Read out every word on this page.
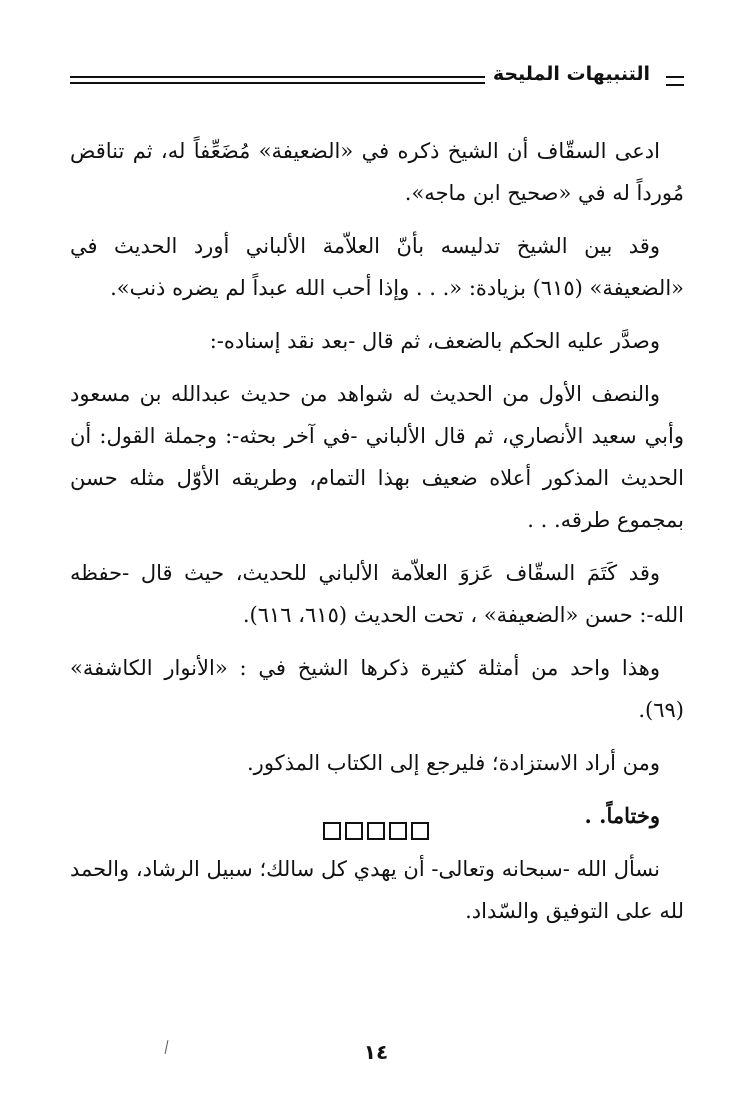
التنبيهات المليحة

ادعى السقّاف أن الشيخ ذكره في «الضعيفة» مُضَعِّفاً له، ثم تناقض مُورداً له في «صحيح ابن ماجه».

وقد بين الشيخ تدليسه بأنّ العلاّمة الألباني أورد الحديث في «الضعيفة» (٦١٥) بزيادة: «. . . وإذا أحب الله عبداً لم يضره ذنب».

وصدَّر عليه الحكم بالضعف، ثم قال -بعد نقد إسناده-:

والنصف الأول من الحديث له شواهد من حديث عبدالله بن مسعود وأبي سعيد الأنصاري، ثم قال الألباني -في آخر بحثه-: وجملة القول: أن الحديث المذكور أعلاه ضعيف بهذا التمام، وطريقه الأوّل مثله حسن بمجموع طرقه. . .

وقد كَتَمَ السقّاف عَزوَ العلاّمة الألباني للحديث، حيث قال -حفظه الله-: حسن «الضعيفة» ، تحت الحديث (٦١٥، ٦١٦).

وهذا واحد من أمثلة كثيرة ذكرها الشيخ في : «الأنوار الكاشفة» (٦٩).

ومن أراد الاستزادة؛ فليرجع إلى الكتاب المذكور.

وختاماً. .

نسأل الله -سبحانه وتعالى- أن يهدي كل سالك؛ سبيل الرشاد، والحمد لله على التوفيق والسّداد.

١٤
